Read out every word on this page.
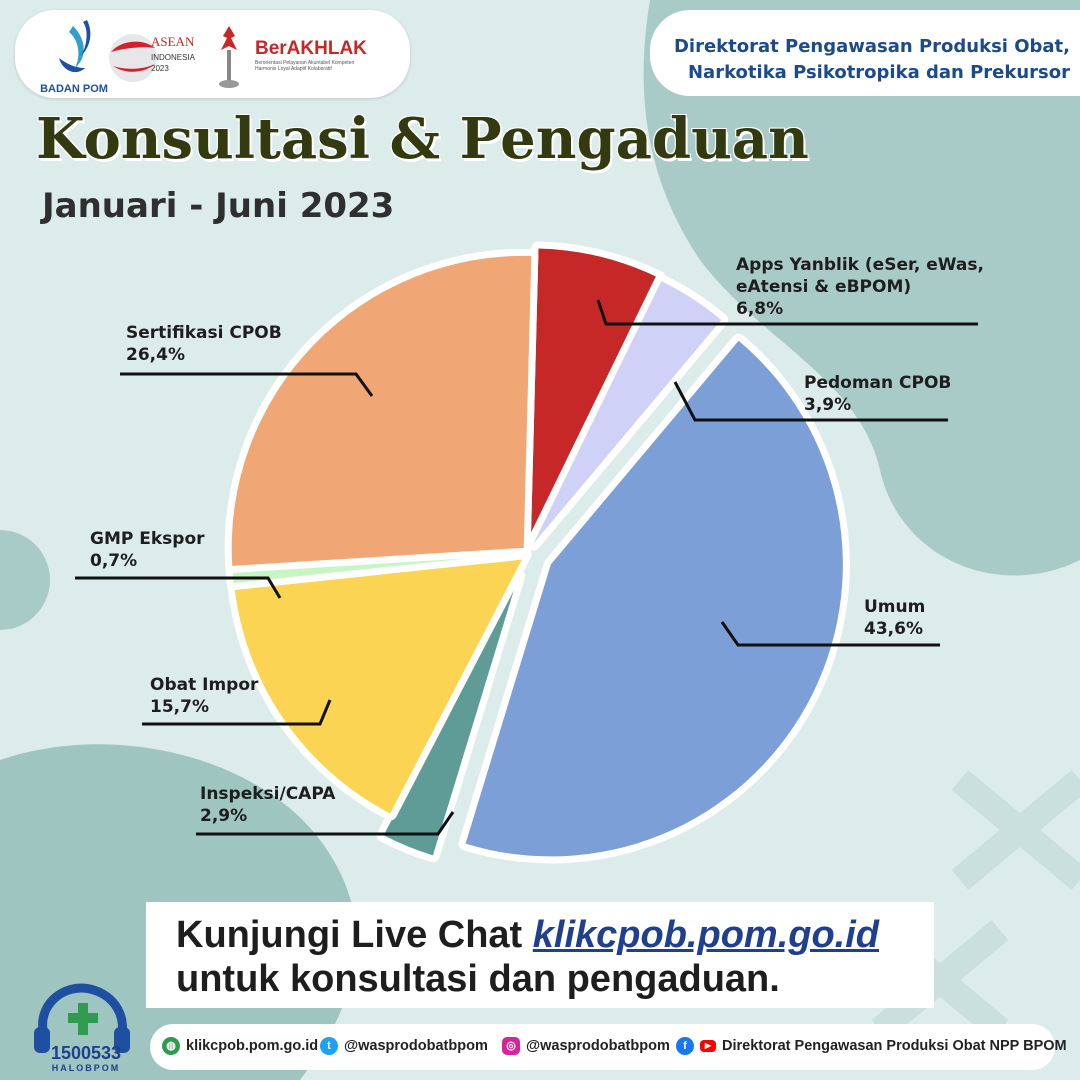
BADAN POM
ASEAN
INDONESIA
2023
BerAKHLAK
Berorientasi Pelayanan Akuntabel Kompeten
Harmonis Loyal Adaptif Kolaboratif
Direktorat Pengawasan Produksi Obat,
Narkotika Psikotropika dan Prekursor
Konsultasi & Pengaduan
Januari - Juni 2023
Apps Yanblik (eSer, eWas,
eAtensi & eBPOM)
6,8%
Pedoman CPOB
3,9%
Umum
43,6%
Inspeksi/CAPA
2,9%
Obat Impor
15,7%
GMP Ekspor
0,7%
Sertifikasi CPOB
26,4%
Kunjungi Live Chat klikcpob.pom.go.id
untuk konsultasi dan pengaduan.
1500533
HALOBPOM
◍ klikcpob.pom.go.id t @wasprodobatbpom	◎ @wasprodobatbpom	f	▶ Direktorat Pengawasan Produksi Obat NPP BPOM
